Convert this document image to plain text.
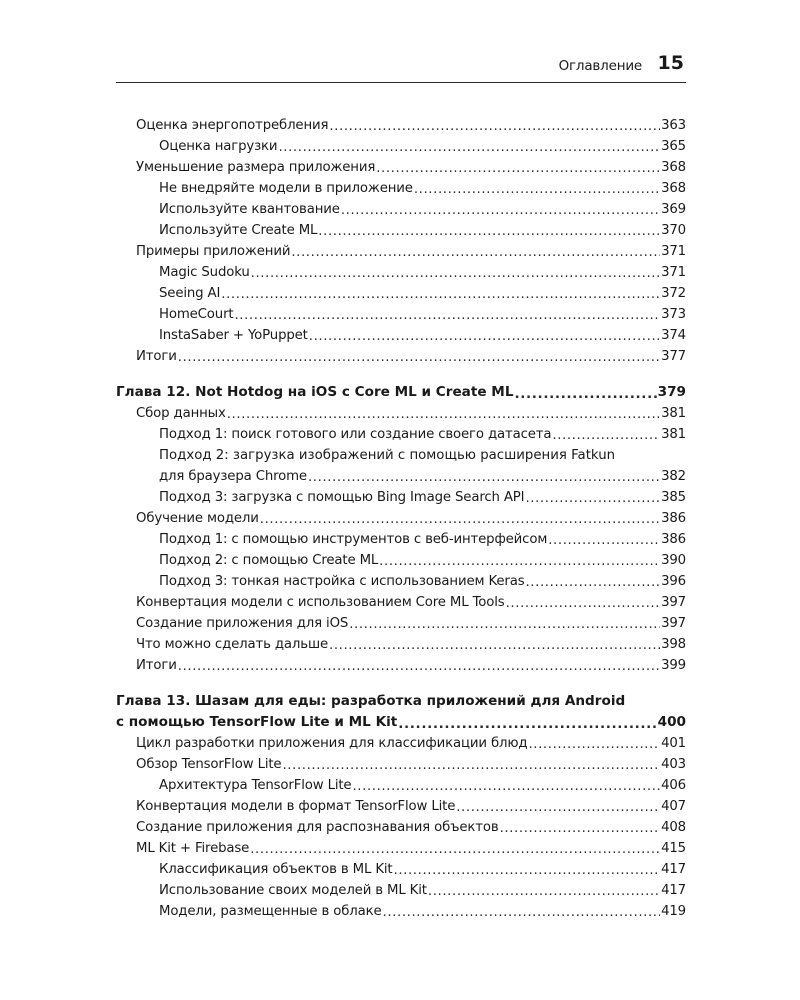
Оглавление 15
Оценка энергопотребления .....	363
Оценка нагрузки .....	365
Уменьшение размера приложения .....	368
Не внедряйте модели в приложение .....	368
Используйте квантование .....	369
Используйте Create ML .....	370
Примеры приложений .....	371
Magic Sudoku .....	371
Seeing AI .....	372
HomeCourt .....	373
InstaSaber + YoPuppet .....	374
Итоги .....	377
Глава 12. Not Hotdog на iOS с Core ML и Create ML .....	379
Сбор данных .....	381
Подход 1: поиск готового или создание своего датасета .....	381
Подход 2: загрузка изображений с помощью расширения Fatkun
для браузера Chrome .....	382
Подход 3: загрузка с помощью Bing Image Search API .....	385
Обучение модели .....	386
Подход 1: с помощью инструментов с веб-интерфейсом .....	386
Подход 2: с помощью Create ML .....	390
Подход 3: тонкая настройка с использованием Keras .....	396
Конвертация модели с использованием Core ML Tools .....	397
Создание приложения для iOS .....	397
Что можно сделать дальше .....	398
Итоги .....	399
Глава 13. Шазам для еды: разработка приложений для Android
с помощью TensorFlow Lite и ML Kit .....	400
Цикл разработки приложения для классификации блюд .....	401
Обзор TensorFlow Lite .....	403
Архитектура TensorFlow Lite .....	406
Конвертация модели в формат TensorFlow Lite .....	407
Создание приложения для распознавания объектов .....	408
ML Kit + Firebase .....	415
Классификация объектов в ML Kit .....	417
Использование своих моделей в ML Kit .....	417
Модели, размещенные в облаке .....	419
